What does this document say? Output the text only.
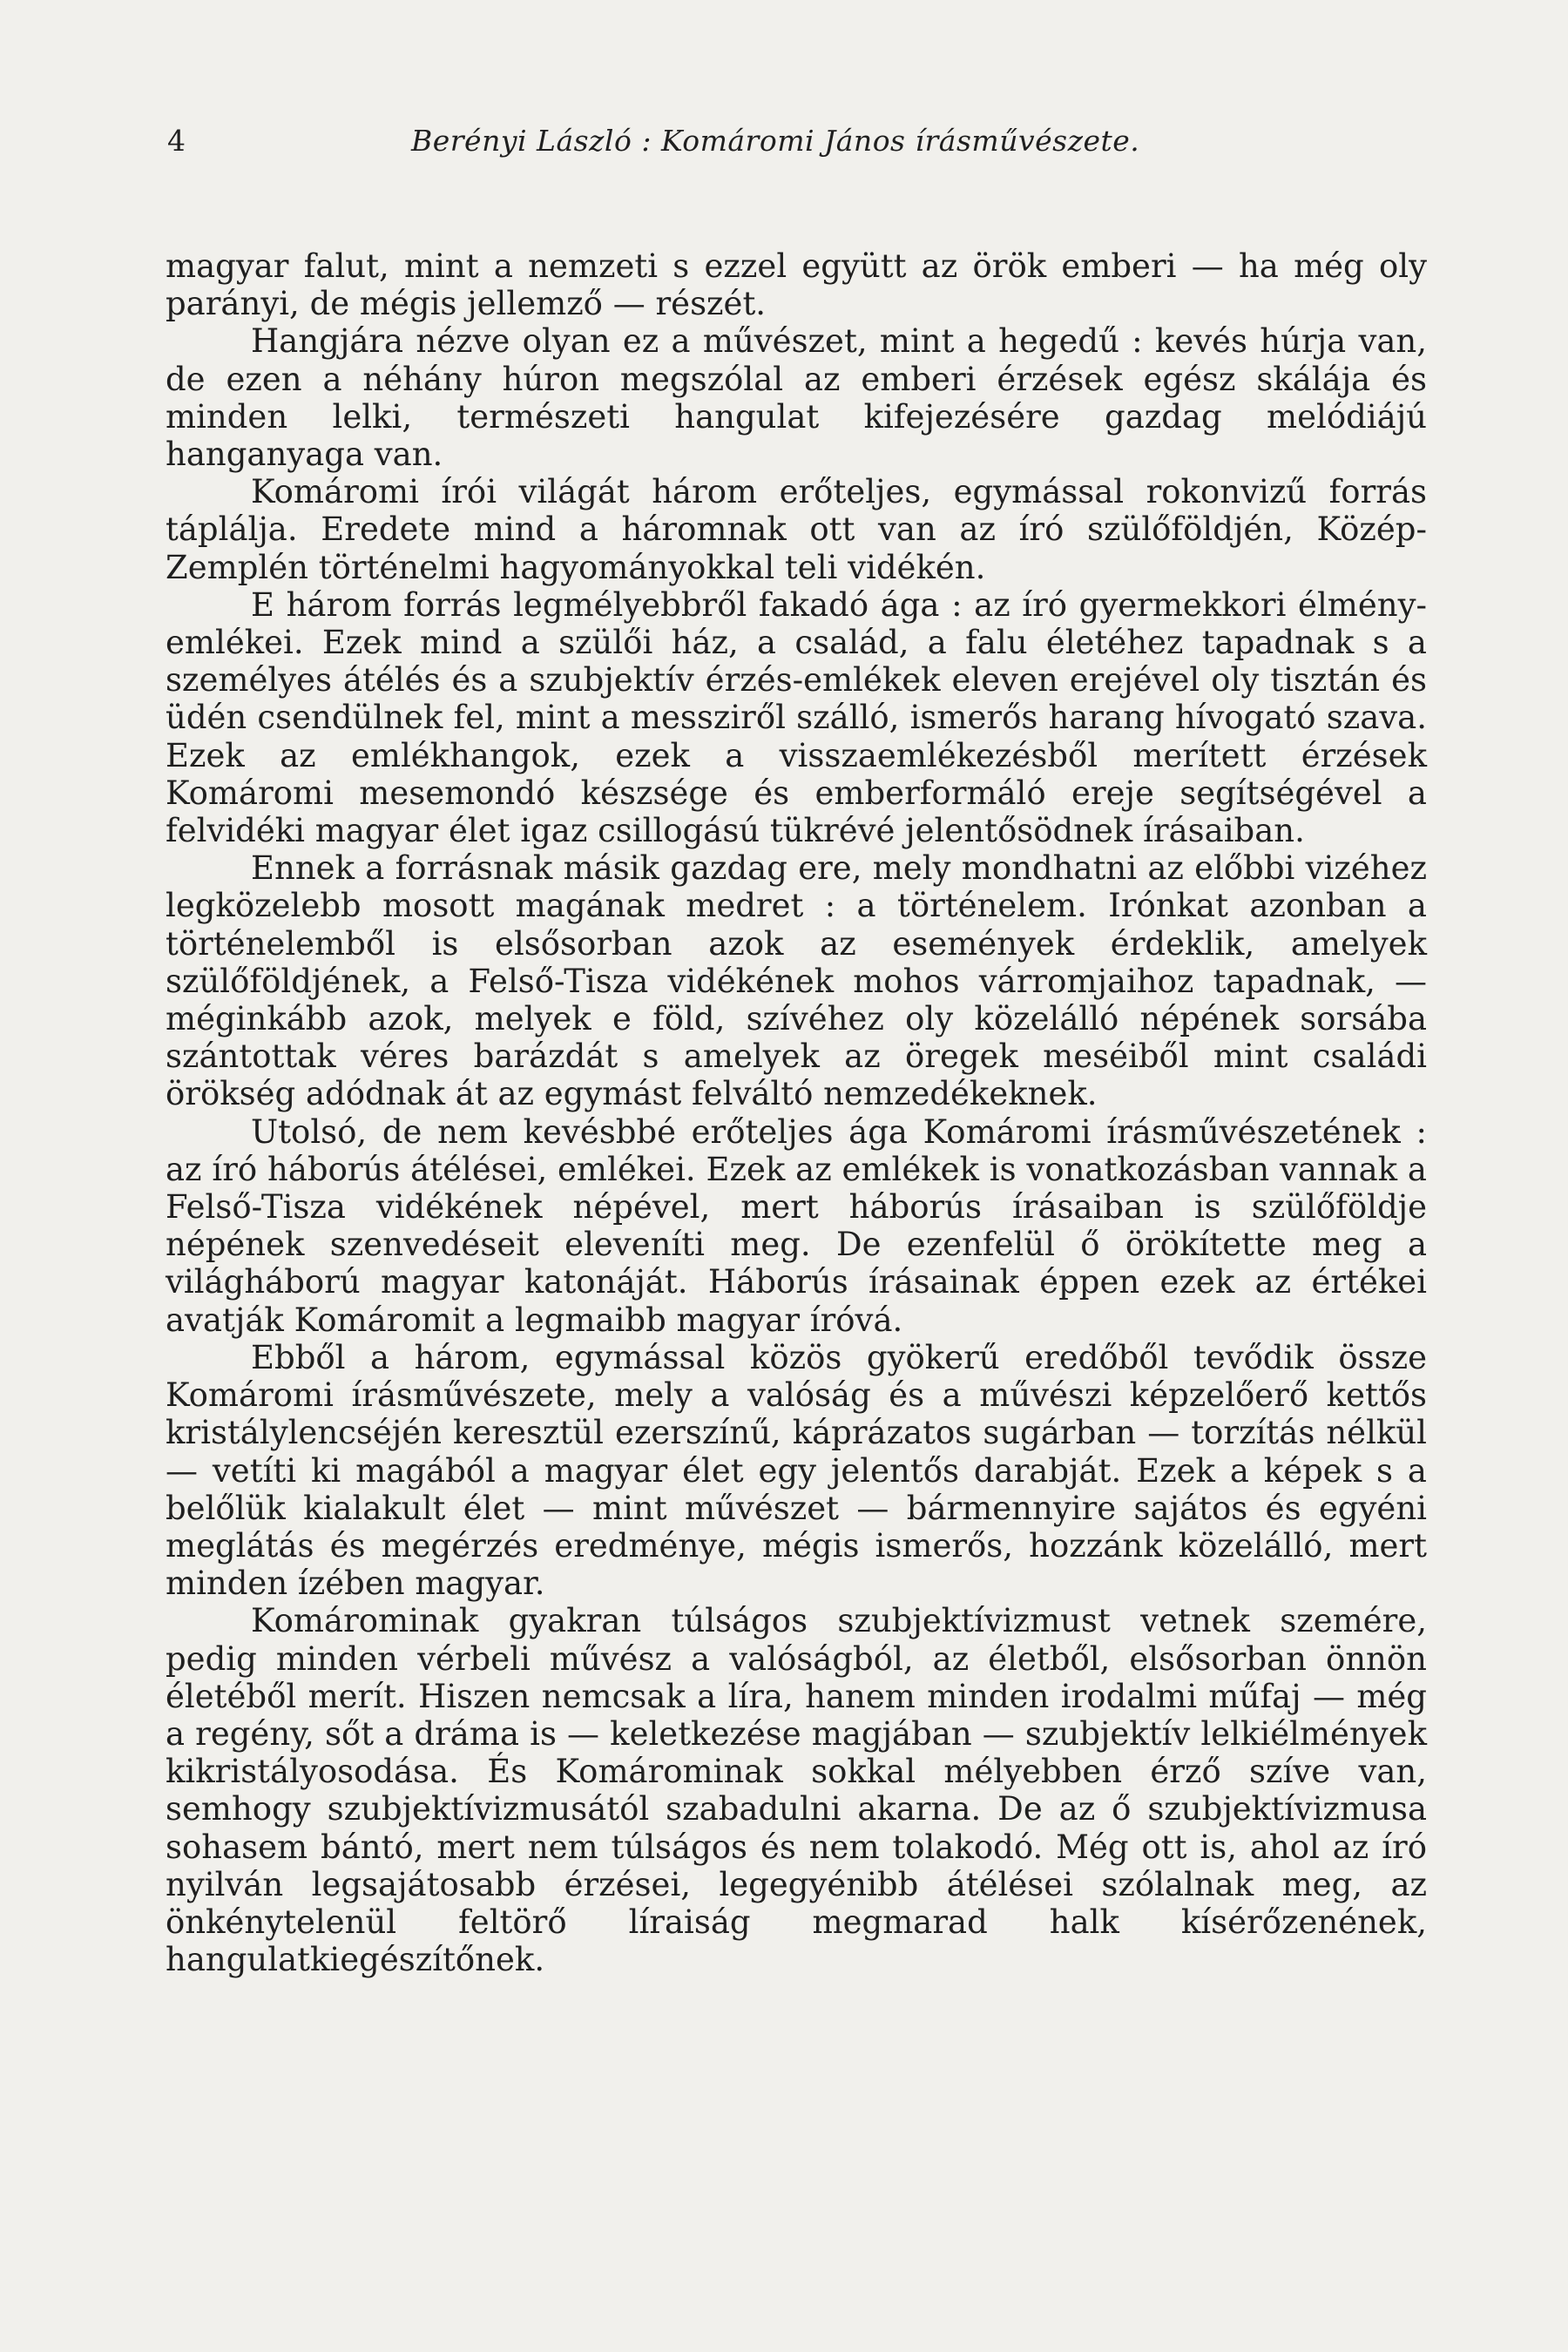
4	Berényi László : Komáromi János írásművészete.

magyar falut, mint a nemzeti s ezzel együtt az örök emberi — ha még oly parányi, de mégis jellemző — részét.

Hangjára nézve olyan ez a művészet, mint a hegedű : kevés húrja van, de ezen a néhány húron megszólal az emberi érzések egész skálája és minden lelki, természeti hangulat kifejezésére gazdag melódiájú hanganyaga van.

Komáromi írói világát három erőteljes, egymással rokonvizű forrás táplálja. Eredete mind a háromnak ott van az író szülőföldjén, Közép-Zemplén történelmi hagyományokkal teli vidékén.

E három forrás legmélyebbről fakadó ága : az író gyermekkori élmény-emlékei. Ezek mind a szülői ház, a család, a falu életéhez tapadnak s a személyes átélés és a szubjektív érzés-emlékek eleven erejével oly tisztán és üdén csendülnek fel, mint a messziről szálló, ismerős harang hívogató szava. Ezek az emlékhangok, ezek a visszaemlékezésből merített érzések Komáromi mesemondó készsége és emberformáló ereje segítségével a felvidéki magyar élet igaz csillogású tükrévé jelentősödnek írásaiban.

Ennek a forrásnak másik gazdag ere, mely mondhatni az előbbi vizéhez legközelebb mosott magának medret : a történelem. Irónkat azonban a történelemből is elsősorban azok az események érdeklik, amelyek szülőföldjének, a Felső-Tisza vidékének mohos várromjaihoz tapadnak, — méginkább azok, melyek e föld, szívéhez oly közelálló népének sorsába szántottak véres barázdát s amelyek az öregek meséiből mint családi örökség adódnak át az egymást felváltó nemzedékeknek.

Utolsó, de nem kevésbbé erőteljes ága Komáromi írásművészetének : az író háborús átélései, emlékei. Ezek az emlékek is vonatkozásban vannak a Felső-Tisza vidékének népével, mert háborús írásaiban is szülőföldje népének szenvedéseit eleveníti meg. De ezenfelül ő örökítette meg a világháború magyar katonáját. Háborús írásainak éppen ezek az értékei avatják Komáromit a legmaibb magyar íróvá.

Ebből a három, egymással közös gyökerű eredőből tevődik össze Komáromi írásművészete, mely a valóság és a művészi képzelőerő kettős kristálylencséjén keresztül ezerszínű, káprázatos sugárban — torzítás nélkül — vetíti ki magából a magyar élet egy jelentős darabját. Ezek a képek s a belőlük kialakult élet — mint művészet — bármennyire sajátos és egyéni meglátás és megérzés eredménye, mégis ismerős, hozzánk közelálló, mert minden ízében magyar.

Komárominak gyakran túlságos szubjektívizmust vetnek szemére, pedig minden vérbeli művész a valóságból, az életből, elsősorban önnön életéből merít. Hiszen nemcsak a líra, hanem minden irodalmi műfaj — még a regény, sőt a dráma is — keletkezése magjában — szubjektív lelkiélmények kikristályosodása. És Komárominak sokkal mélyebben érző szíve van, semhogy szubjektívizmusától szabadulni akarna. De az ő szubjektívizmusa sohasem bántó, mert nem túlságos és nem tolakodó. Még ott is, ahol az író nyilván legsajátosabb érzései, legegyénibb átélései szólalnak meg, az önkénytelenül feltörő líraiság megmarad halk kísérőzenének, hangulatkiegészítőnek.
